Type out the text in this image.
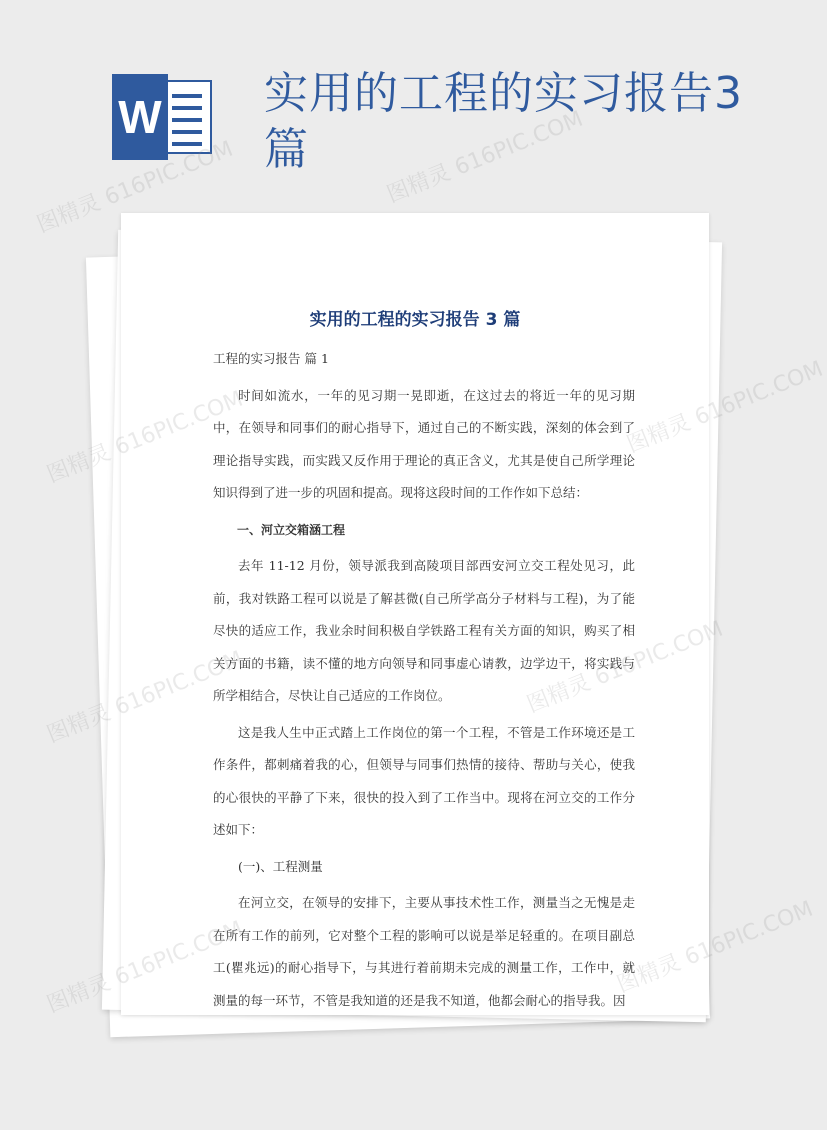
W 实用的工程的实习报告3篇
实用的工程的实习报告 3 篇

工程的实习报告 篇 1

时间如流水，一年的见习期一晃即逝，在这过去的将近一年的见习期中，在领导和同事们的耐心指导下，通过自己的不断实践，深刻的体会到了理论指导实践，而实践又反作用于理论的真正含义，尤其是使自己所学理论知识得到了进一步的巩固和提高。现将这段时间的工作作如下总结：

一、河立交箱涵工程

去年 11-12 月份，领导派我到高陵项目部西安河立交工程处见习，此前，我对铁路工程可以说是了解甚微(自己所学高分子材料与工程)，为了能尽快的适应工作，我业余时间积极自学铁路工程有关方面的知识，购买了相关方面的书籍，读不懂的地方向领导和同事虚心请教，边学边干，将实践与所学相结合，尽快让自己适应的工作岗位。

这是我人生中正式踏上工作岗位的第一个工程，不管是工作环境还是工作条件，都刺痛着我的心，但领导与同事们热情的接待、帮助与关心，使我的心很快的平静了下来，很快的投入到了工作当中。现将在河立交的工作分述如下：

(一)、工程测量

在河立交，在领导的安排下，主要从事技术性工作，测量当之无愧是走在所有工作的前列，它对整个工程的影响可以说是举足轻重的。在项目副总工(瞿兆远)的耐心指导下，与其进行着前期未完成的测量工作，工作中，就测量的每一环节，不管是我知道的还是我不知道，他都会耐心的指导我。因

图精灵 616PIC.COM
图精灵 616PIC.COM
图精灵 616PIC.COM
图精灵
图精灵
图精灵 616PIC.COM
图精灵
